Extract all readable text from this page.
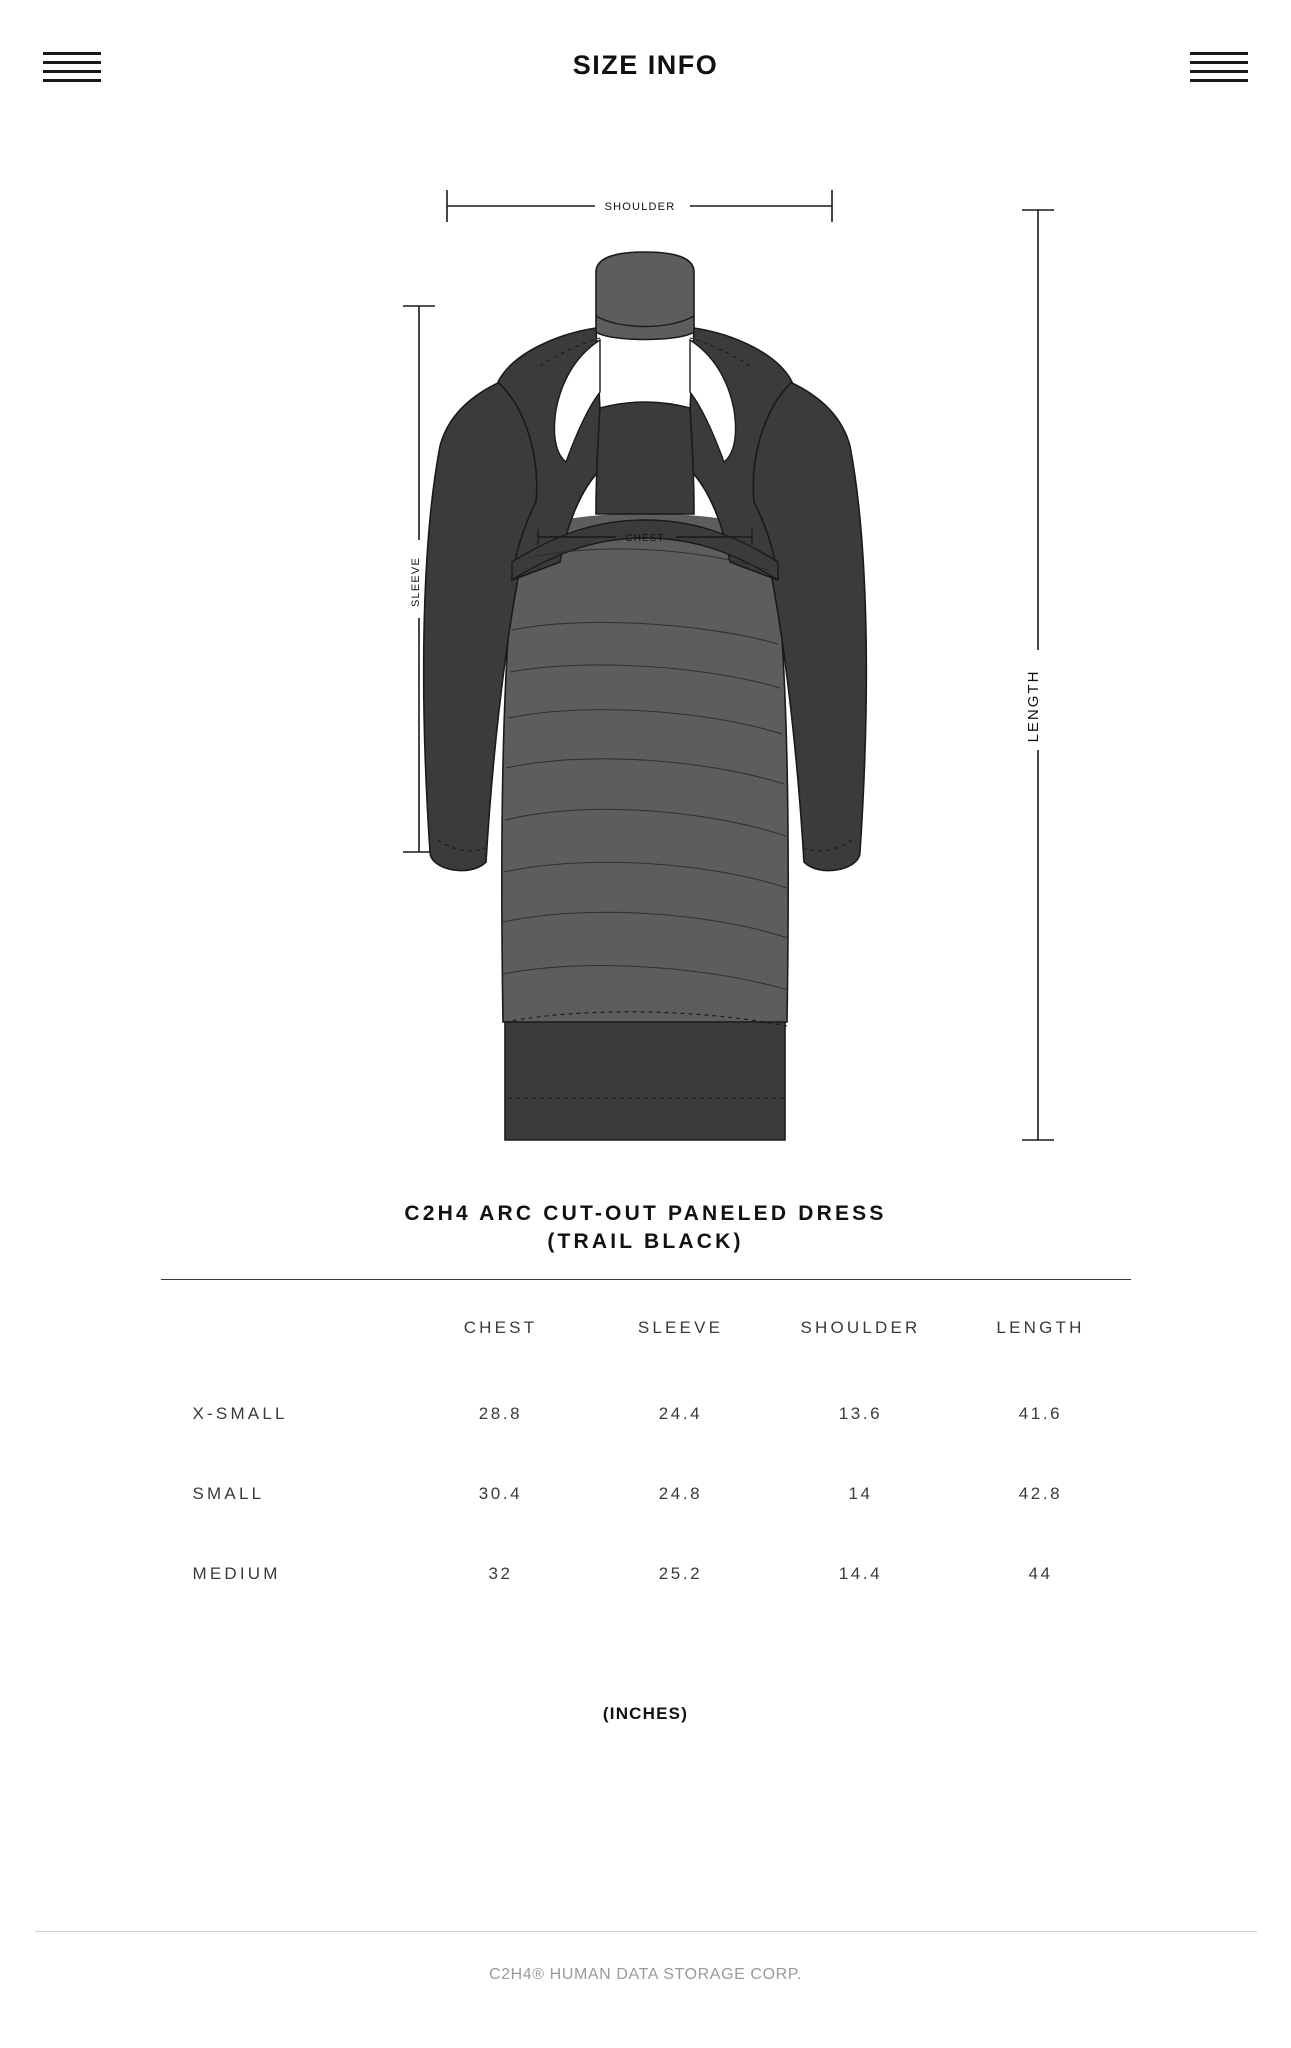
SIZE INFO
SHOULDER
SLEEVE
LENGTH
CHEST
C2H4 ARC CUT-OUT PANELED DRESS
(TRAIL BLACK)
	CHEST	SLEEVE	SHOULDER	LENGTH
X-SMALL	28.8	24.4	13.6	41.6
SMALL	30.4	24.8	14	42.8
MEDIUM	32	25.2	14.4	44
(INCHES)
C2H4® HUMAN DATA STORAGE CORP.
